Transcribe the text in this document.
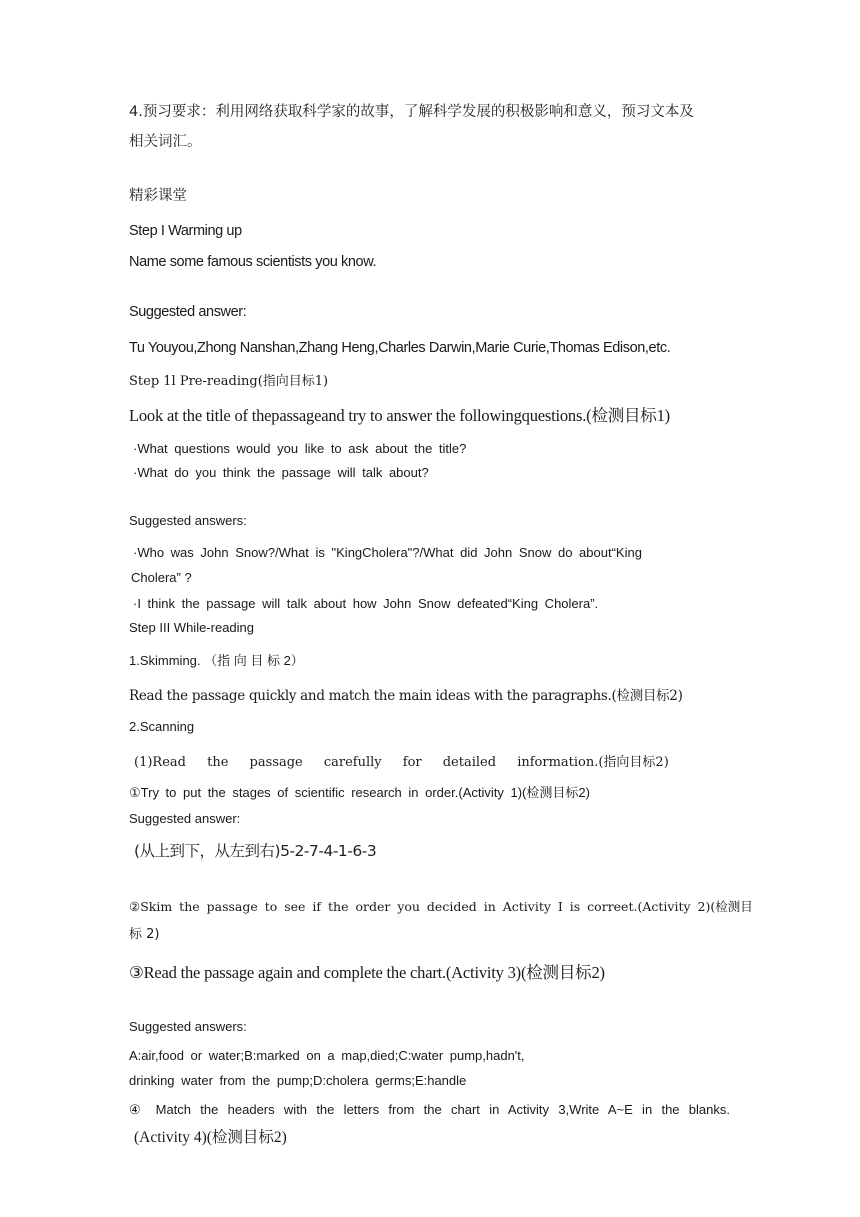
4.预习要求：利用网络获取科学家的故事，了解科学发展的积极影响和意义，预习文本及
相关词汇。
精彩课堂
Step I Warming up
Name some famous scientists you know.
Suggested answer:
Tu Youyou,Zhong Nanshan,Zhang Heng,Charles Darwin,Marie Curie,Thomas Edison,etc.
Step 1l Pre-reading(指向目标1)
Look at the title of thepassageand try to answer the followingquestions.(检测目标1)
·What questions would you like to ask about the title?
·What do you think the passage will talk about?
Suggested answers:
·Who was John Snow?/What is "KingCholera"?/What did John Snow do about“King
Cholera” ?
·I think the passage will talk about how John Snow defeated“King Cholera”.
Step III While-reading
1.Skimming. （指 向 目 标 2）
Read the passage quickly and match the main ideas with the paragraphs.(检测目标2)
2.Scanning
(1)Read the passage carefully for detailed information.(指向目标2)
①Try to put the stages of scientific research in order.(Activity 1)(检测目标2)
Suggested answer:
(从上到下，从左到右)5-2-7-4-1-6-3
②Skim the passage to see if the order you decided in Activity I is correet.(Activity 2)(检测目
标 2)
③Read the passage again and complete the chart.(Activity 3)(检测目标2)
Suggested answers:
A:air,food or water;B:marked on a map,died;C:water pump,hadn't,
drinking water from the pump;D:cholera germs;E:handle
④ Match the headers with the letters from the chart in Activity 3,Write A~E in the blanks.
(Activity 4)(检测目标2)
